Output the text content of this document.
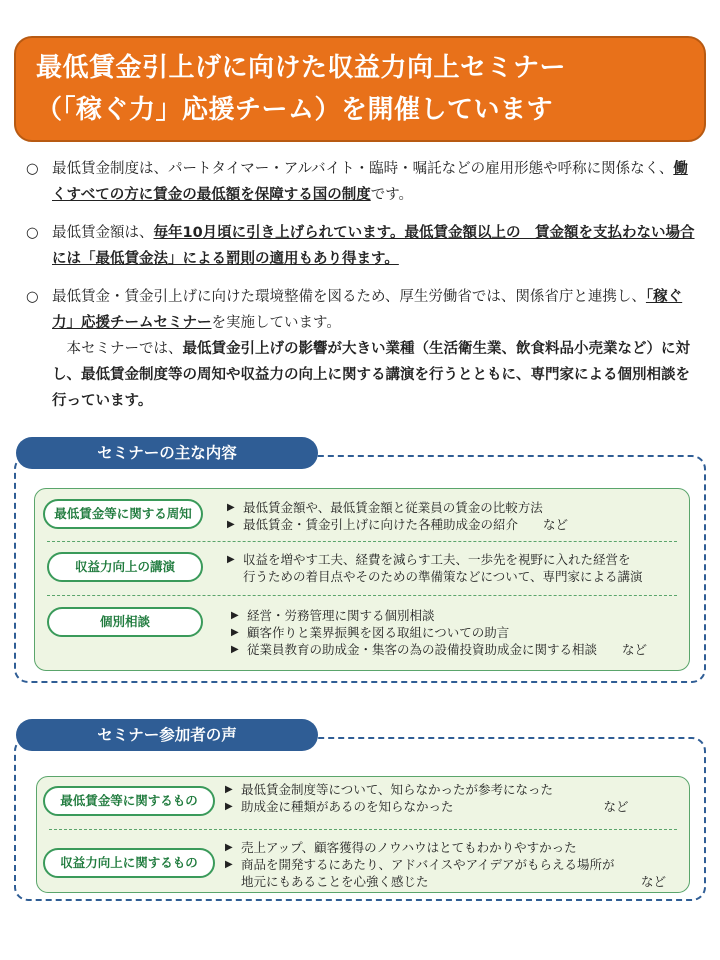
最低賃金引上げに向けた収益力向上セミナー
（「稼ぐ力」応援チーム）を開催しています
○ 最低賃金制度は、パートタイマー・アルバイト・臨時・嘱託などの雇用形態や呼称に関係なく、働くすべての方に賃金の最低額を保障する国の制度です。
○ 最低賃金額は、毎年10月頃に引き上げられています。最低賃金額以上の　賃金額を支払わない場合には「最低賃金法」による罰則の適用もあり得ます。
○ 最低賃金・賃金引上げに向けた環境整備を図るため、厚生労働省では、関係省庁と連携し、「稼ぐ力」応援チームセミナーを実施しています。
　本セミナーでは、最低賃金引上げの影響が大きい業種（生活衛生業、飲食料品小売業など）に対し、最低賃金制度等の周知や収益力の向上に関する講演を行うとともに、専門家による個別相談を行っています。
セミナーの主な内容
最低賃金等に関する周知	▶ 最低賃金額や、最低賃金額と従業員の賃金の比較方法
▶ 最低賃金・賃金引上げに向けた各種助成金の紹介　　など
収益力向上の講演	▶ 収益を増やす工夫、経費を減らす工夫、一歩先を視野に入れた経営を
行うための着目点やそのための準備策などについて、専門家による講演
個別相談	▶ 経営・労務管理に関する個別相談
▶ 顧客作りと業界振興を図る取組についての助言
▶ 従業員教育の助成金・集客の為の設備投資助成金に関する相談　　など
セミナー参加者の声
最低賃金等に関するもの
▶ 最低賃金制度等について、知らなかったが参考になった
▶ 助成金に種類があるのを知らなかった　　　　　　　　　　　　など
収益力向上に関するもの
▶ 売上アップ、顧客獲得のノウハウはとてもわかりやすかった
▶ 商品を開発するにあたり、アドバイスやアイデアがもらえる場所が
地元にもあることを心強く感じた　　　　　　　　　　　　　　　　　など
